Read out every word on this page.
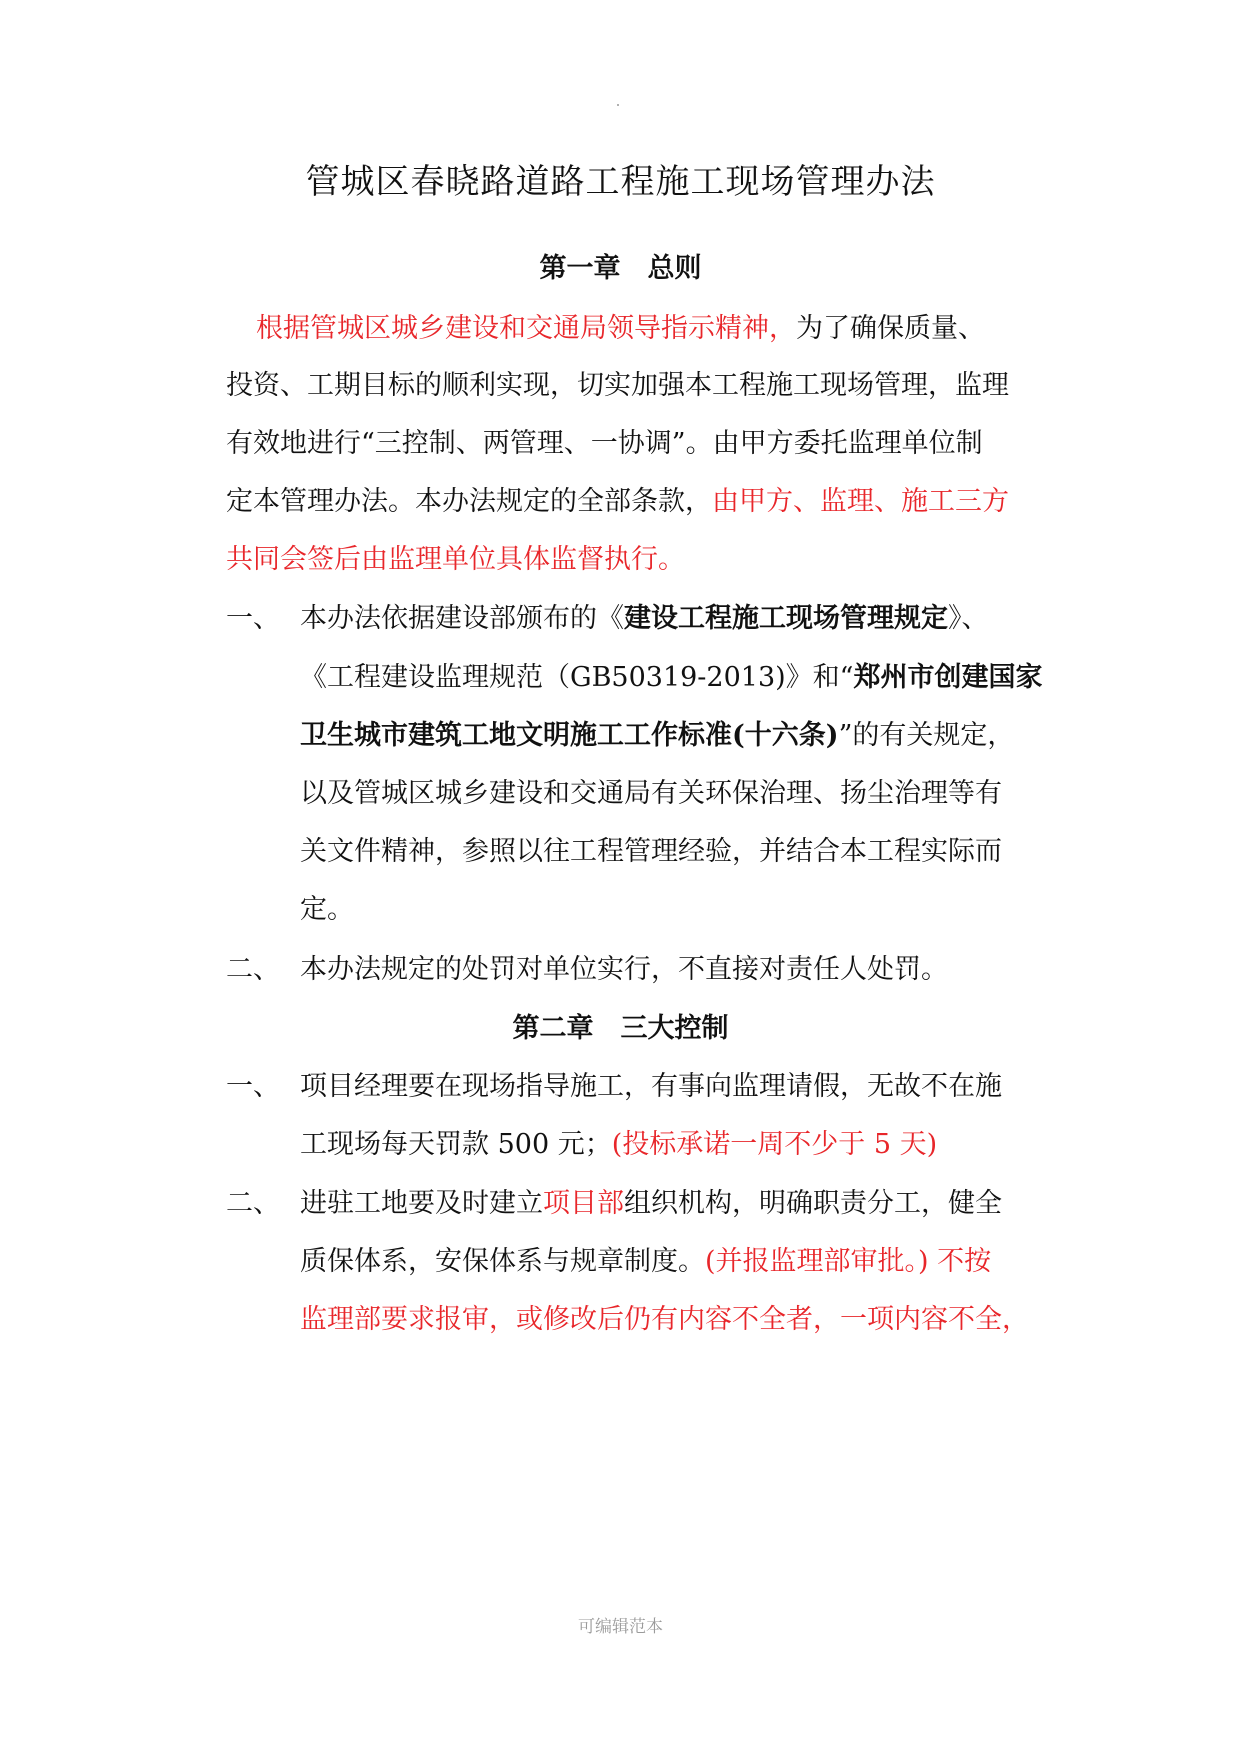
管城区春晓路道路工程施工现场管理办法
第一章　总则
根据管城区城乡建设和交通局领导指示精神，为了确保质量、
投资、工期目标的顺利实现，切实加强本工程施工现场管理，监理
有效地进行“三控制、两管理、一协调”。由甲方委托监理单位制
定本管理办法。本办法规定的全部条款，由甲方、监理、施工三方
共同会签后由监理单位具体监督执行。
一、 本办法依据建设部颁布的《建设工程施工现场管理规定》、
《工程建设监理规范（GB50319-2013)》和“郑州市创建国家
卫生城市建筑工地文明施工工作标准(十六条)”的有关规定，
以及管城区城乡建设和交通局有关环保治理、扬尘治理等有
关文件精神，参照以往工程管理经验，并结合本工程实际而
定。
二、 本办法规定的处罚对单位实行，不直接对责任人处罚。
第二章　三大控制
一、 项目经理要在现场指导施工，有事向监理请假，无故不在施
工现场每天罚款 500 元；(投标承诺一周不少于 5 天)
二、 进驻工地要及时建立项目部组织机构，明确职责分工，健全
质保体系，安保体系与规章制度。(并报监理部审批。) 不按
监理部要求报审，或修改后仍有内容不全者，一项内容不全，
可编辑范本
